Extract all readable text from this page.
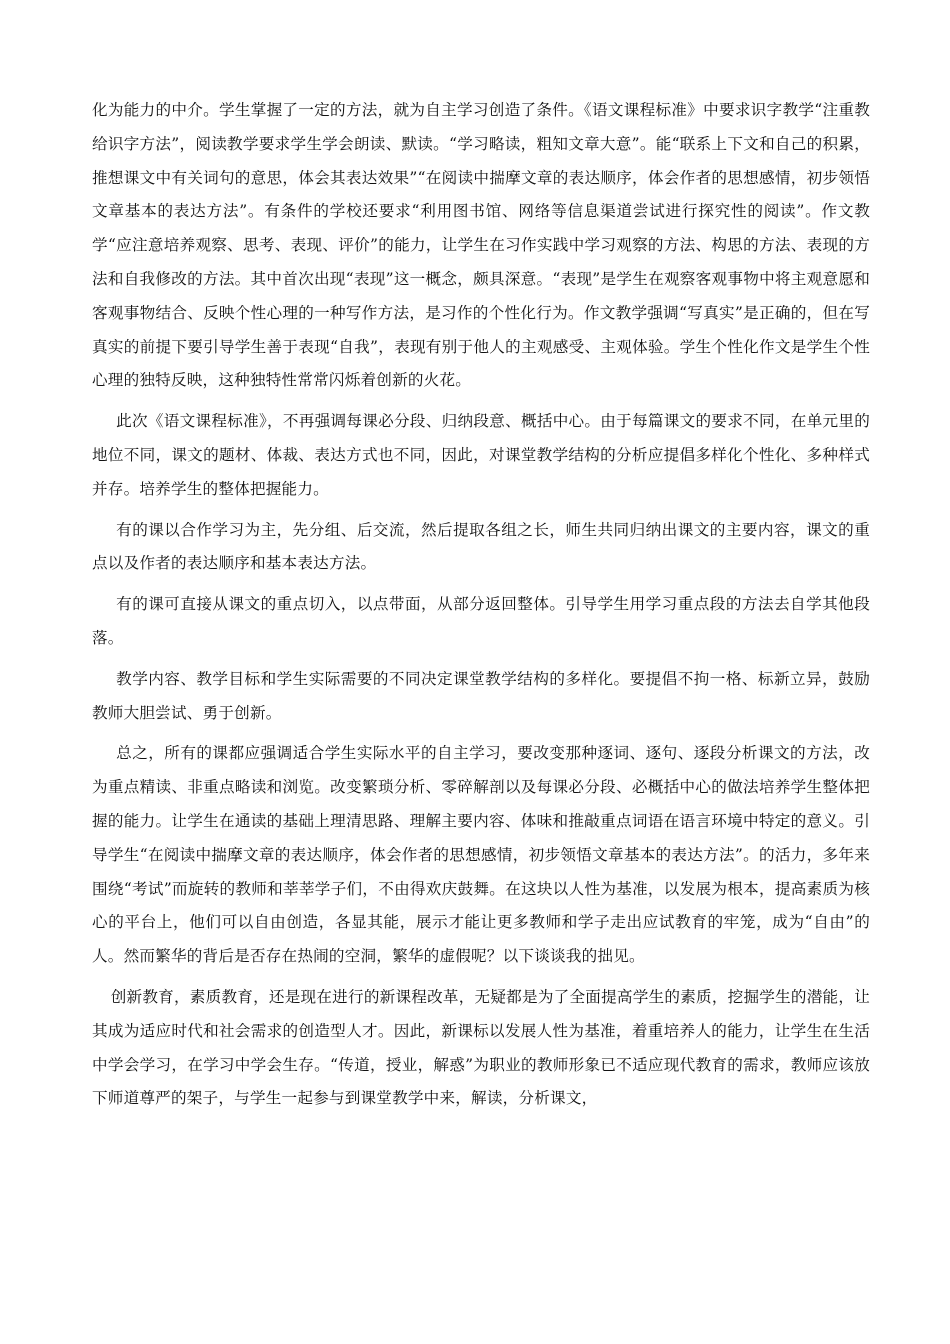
化为能力的中介。学生掌握了一定的方法，就为自主学习创造了条件。《语文课程标准》中要求识字教学“注重教给识字方法”，阅读教学要求学生学会朗读、默读。“学习略读，粗知文章大意”。能“联系上下文和自己的积累，推想课文中有关词句的意思，体会其表达效果”“在阅读中揣摩文章的表达顺序，体会作者的思想感情，初步领悟文章基本的表达方法”。有条件的学校还要求“利用图书馆、网络等信息渠道尝试进行探究性的阅读”。作文教学“应注意培养观察、思考、表现、评价”的能力，让学生在习作实践中学习观察的方法、构思的方法、表现的方法和自我修改的方法。其中首次出现“表现”这一概念，颇具深意。“表现”是学生在观察客观事物中将主观意愿和客观事物结合、反映个性心理的一种写作方法，是习作的个性化行为。作文教学强调“写真实”是正确的，但在写真实的前提下要引导学生善于表现“自我”，表现有别于他人的主观感受、主观体验。学生个性化作文是学生个性心理的独特反映，这种独特性常常闪烁着创新的火花。

此次《语文课程标准》，不再强调每课必分段、归纳段意、概括中心。由于每篇课文的要求不同，在单元里的地位不同，课文的题材、体裁、表达方式也不同，因此，对课堂教学结构的分析应提倡多样化个性化、多种样式并存。培养学生的整体把握能力。

有的课以合作学习为主，先分组、后交流，然后提取各组之长，师生共同归纳出课文的主要内容，课文的重点以及作者的表达顺序和基本表达方法。

有的课可直接从课文的重点切入，以点带面，从部分返回整体。引导学生用学习重点段的方法去自学其他段落。

教学内容、教学目标和学生实际需要的不同决定课堂教学结构的多样化。要提倡不拘一格、标新立异，鼓励教师大胆尝试、勇于创新。

总之，所有的课都应强调适合学生实际水平的自主学习，要改变那种逐词、逐句、逐段分析课文的方法，改为重点精读、非重点略读和浏览。改变繁琐分析、零碎解剖以及每课必分段、必概括中心的做法培养学生整体把握的能力。让学生在通读的基础上理清思路、理解主要内容、体味和推敲重点词语在语言环境中特定的意义。引导学生“在阅读中揣摩文章的表达顺序，体会作者的思想感情，初步领悟文章基本的表达方法”。的活力，多年来围绕“考试”而旋转的教师和莘莘学子们，不由得欢庆鼓舞。在这块以人性为基准，以发展为根本，提高素质为核心的平台上，他们可以自由创造，各显其能，展示才能让更多教师和学子走出应试教育的牢笼，成为“自由”的人。然而繁华的背后是否存在热闹的空洞，繁华的虚假呢？以下谈谈我的拙见。

创新教育，素质教育，还是现在进行的新课程改革，无疑都是为了全面提高学生的素质，挖掘学生的潜能，让其成为适应时代和社会需求的创造型人才。因此，新课标以发展人性为基准，着重培养人的能力，让学生在生活中学会学习，在学习中学会生存。“传道，授业，解惑”为职业的教师形象已不适应现代教育的需求，教师应该放下师道尊严的架子，与学生一起参与到课堂教学中来，解读，分析课文，
